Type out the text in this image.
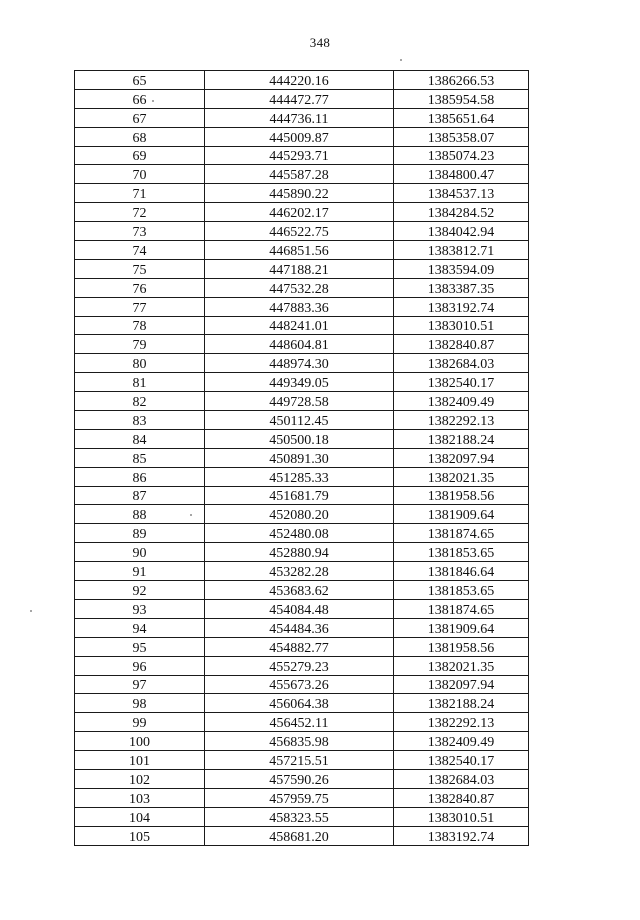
348
65	444220.16	1386266.53
66	444472.77	1385954.58
67	444736.11	1385651.64
68	445009.87	1385358.07
69	445293.71	1385074.23
70	445587.28	1384800.47
71	445890.22	1384537.13
72	446202.17	1384284.52
73	446522.75	1384042.94
74	446851.56	1383812.71
75	447188.21	1383594.09
76	447532.28	1383387.35
77	447883.36	1383192.74
78	448241.01	1383010.51
79	448604.81	1382840.87
80	448974.30	1382684.03
81	449349.05	1382540.17
82	449728.58	1382409.49
83	450112.45	1382292.13
84	450500.18	1382188.24
85	450891.30	1382097.94
86	451285.33	1382021.35
87	451681.79	1381958.56
88	452080.20	1381909.64
89	452480.08	1381874.65
90	452880.94	1381853.65
91	453282.28	1381846.64
92	453683.62	1381853.65
93	454084.48	1381874.65
94	454484.36	1381909.64
95	454882.77	1381958.56
96	455279.23	1382021.35
97	455673.26	1382097.94
98	456064.38	1382188.24
99	456452.11	1382292.13
100	456835.98	1382409.49
101	457215.51	1382540.17
102	457590.26	1382684.03
103	457959.75	1382840.87
104	458323.55	1383010.51
105	458681.20	1383192.74
